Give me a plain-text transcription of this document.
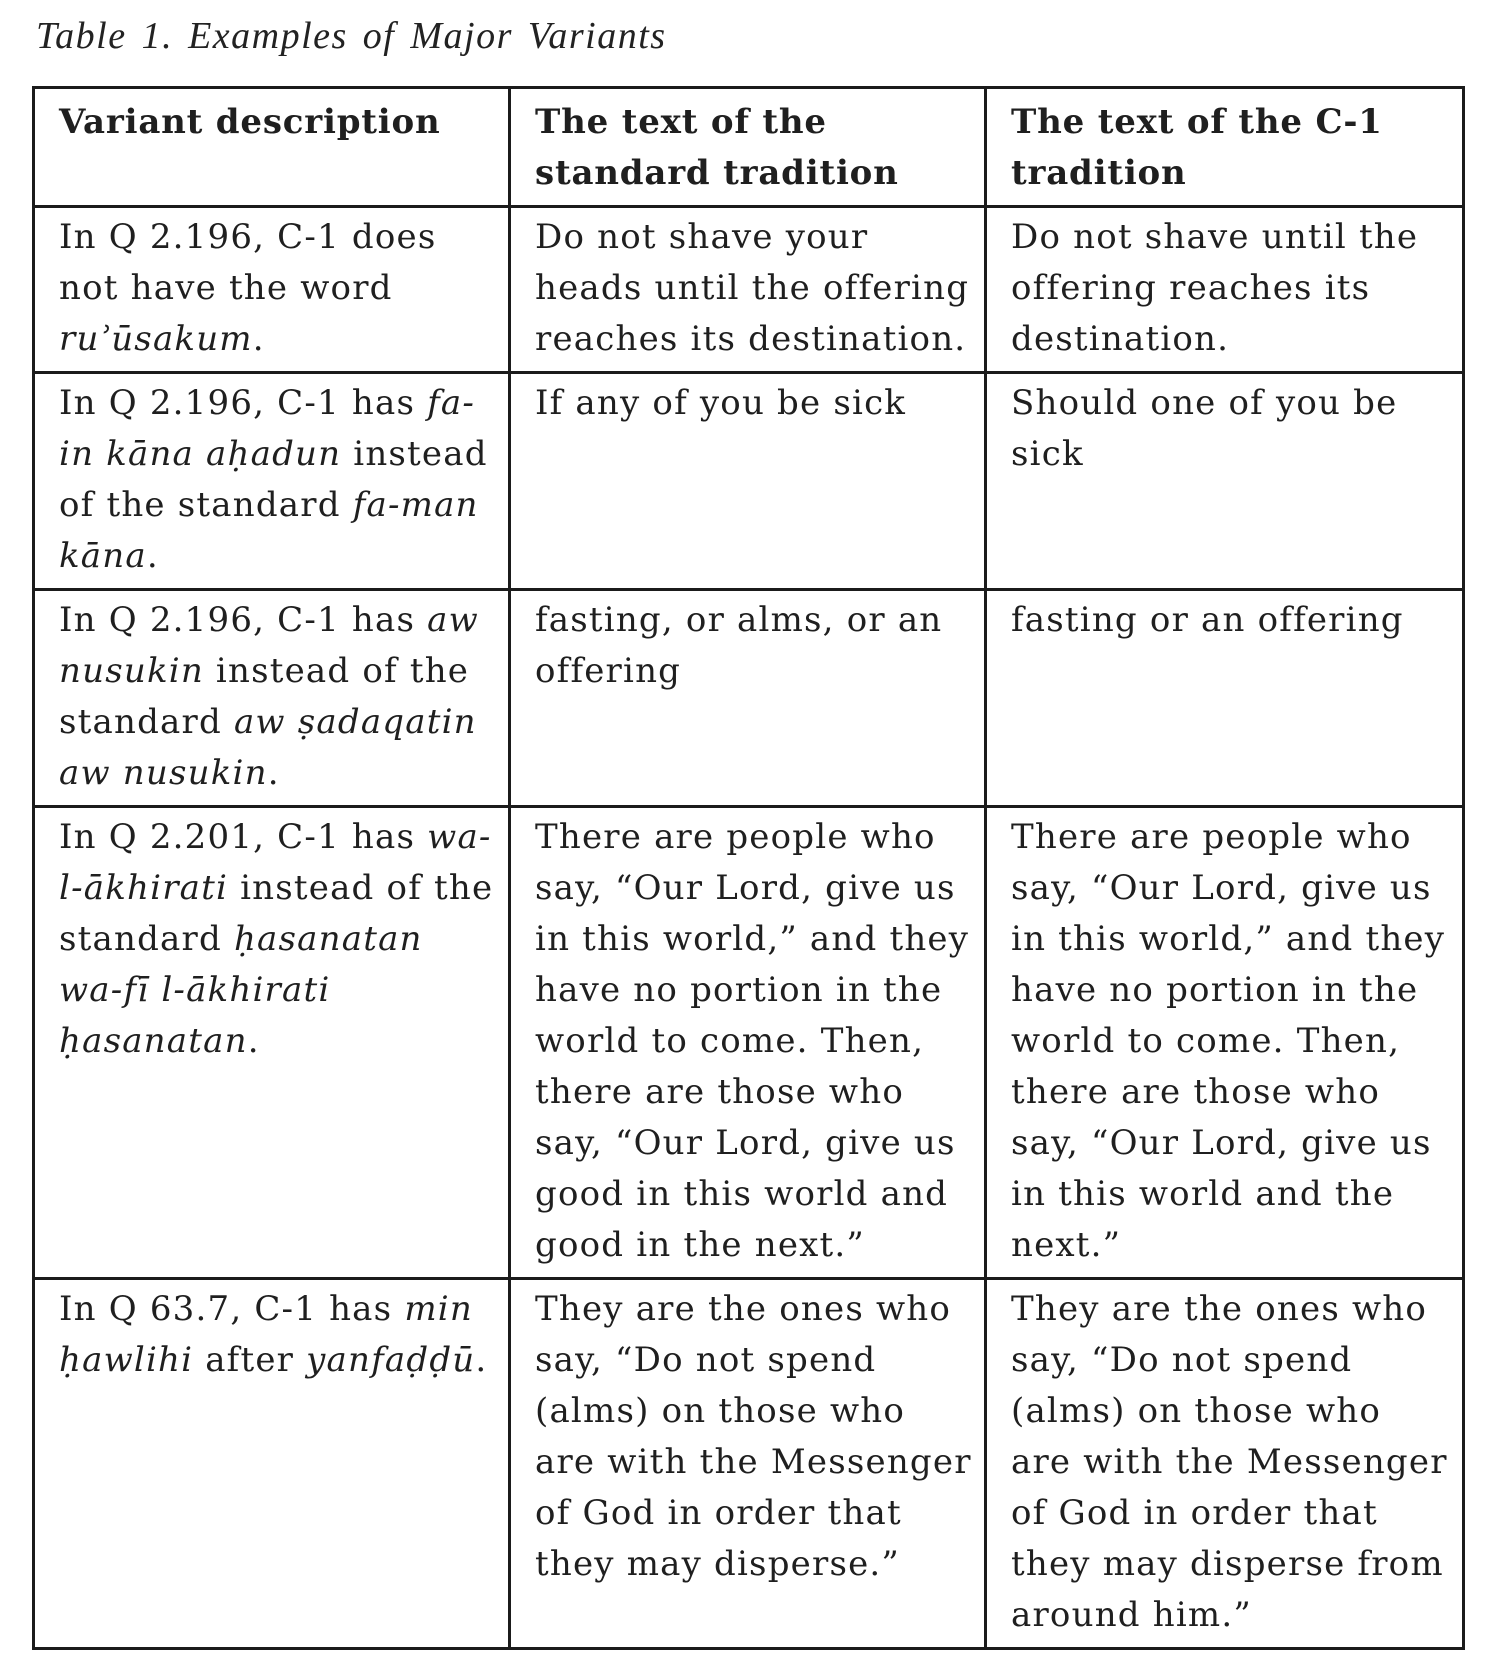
Table 1. Examples of Major Variants
Variant description	The text of the standard tradition	The text of the C-1 tradition
In Q 2.196, C-1 does not have the word ruʾūsakum.	Do not shave your heads until the offering reaches its destination.	Do not shave until the offering reaches its destination.
In Q 2.196, C-1 has fa-in kāna aḥadun instead of the standard fa-man kāna.	If any of you be sick	Should one of you be sick
In Q 2.196, C-1 has aw nusukin instead of the standard aw ṣadaqatin aw nusukin.	fasting, or alms, or an offering	fasting or an offering
In Q 2.201, C-1 has wa-l-ākhirati instead of the standard ḥasanatan wa-fī l-ākhirati ḥasanatan.	There are people who say, “Our Lord, give us in this world,” and they have no portion in the world to come. Then, there are those who say, “Our Lord, give us good in this world and good in the next.”	There are people who say, “Our Lord, give us in this world,” and they have no portion in the world to come. Then, there are those who say, “Our Lord, give us in this world and the next.”
In Q 63.7, C-1 has min ḥawlihi after yanfaḍḍū.	They are the ones who say, “Do not spend (alms) on those who are with the Messenger of God in order that they may disperse.”	They are the ones who say, “Do not spend (alms) on those who are with the Messenger of God in order that they may disperse from around him.”
